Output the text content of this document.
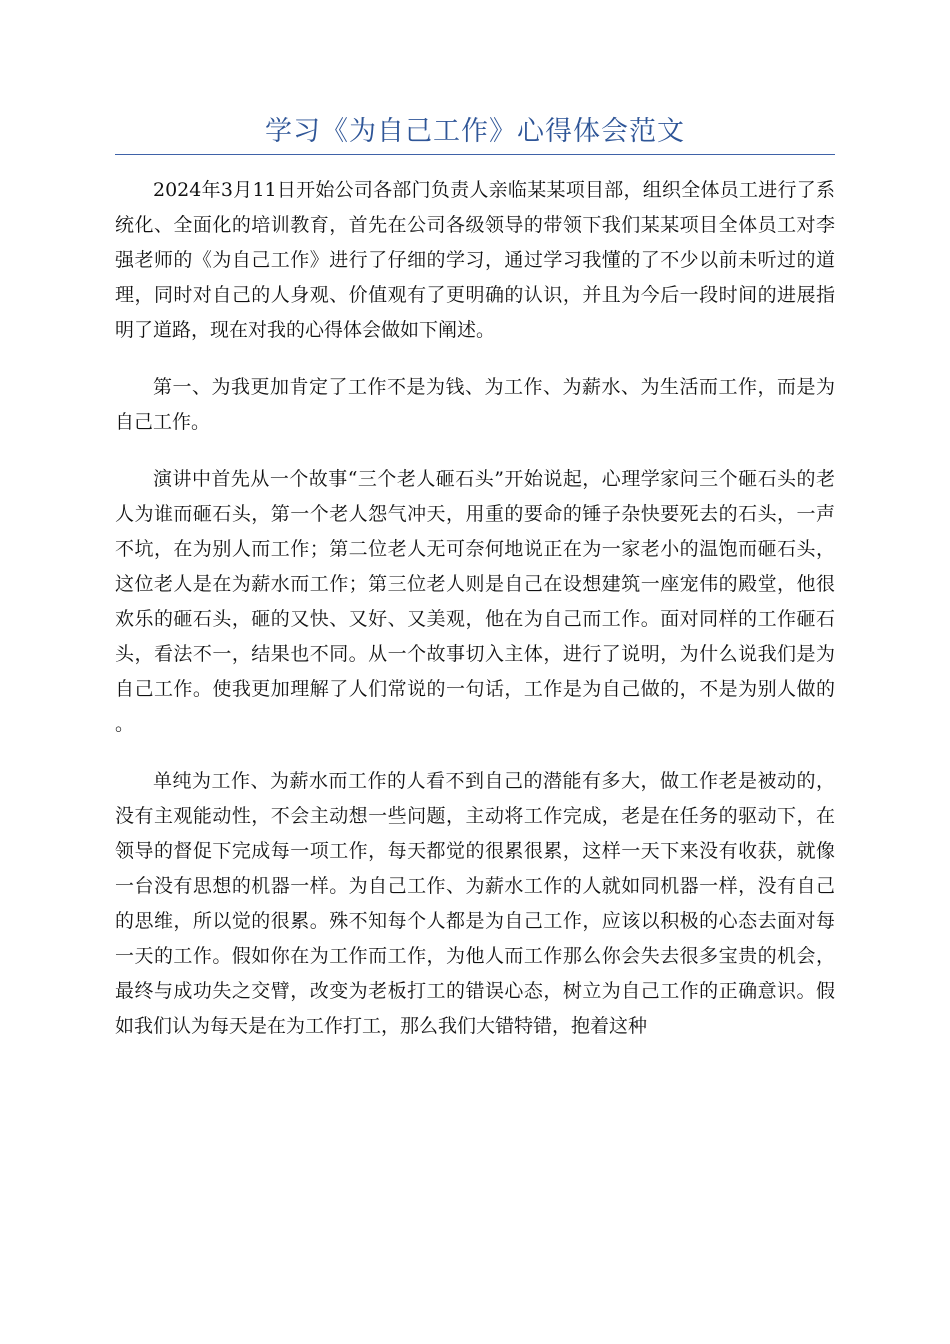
学习《为自己工作》心得体会范文

2024年3月11日开始公司各部门负责人亲临某某项目部，组织全体员工进行了系统化、全面化的培训教育，首先在公司各级领导的带领下我们某某项目全体员工对李强老师的《为自己工作》进行了仔细的学习，通过学习我懂的了不少以前未听过的道理，同时对自己的人身观、价值观有了更明确的认识，并且为今后一段时间的进展指明了道路，现在对我的心得体会做如下阐述。

第一、为我更加肯定了工作不是为钱、为工作、为薪水、为生活而工作，而是为自己工作。

演讲中首先从一个故事“三个老人砸石头”开始说起，心理学家问三个砸石头的老人为谁而砸石头，第一个老人怨气冲天，用重的要命的锤子杂快要死去的石头，一声不坑，在为别人而工作；第二位老人无可奈何地说正在为一家老小的温饱而砸石头，这位老人是在为薪水而工作；第三位老人则是自己在设想建筑一座宠伟的殿堂，他很欢乐的砸石头，砸的又快、又好、又美观，他在为自己而工作。面对同样的工作砸石头，看法不一，结果也不同。从一个故事切入主体，进行了说明，为什么说我们是为自己工作。使我更加理解了人们常说的一句话，工作是为自己做的，不是为别人做的。

单纯为工作、为薪水而工作的人看不到自己的潜能有多大，做工作老是被动的，没有主观能动性，不会主动想一些问题，主动将工作完成，老是在任务的驱动下，在领导的督促下完成每一项工作，每天都觉的很累很累，这样一天下来没有收获，就像一台没有思想的机器一样。为自己工作、为薪水工作的人就如同机器一样，没有自己的思维，所以觉的很累。殊不知每个人都是为自己工作，应该以积极的心态去面对每一天的工作。假如你在为工作而工作，为他人而工作那么你会失去很多宝贵的机会，最终与成功失之交臂，改变为老板打工的错误心态，树立为自己工作的正确意识。假如我们认为每天是在为工作打工，那么我们大错特错，抱着这种
